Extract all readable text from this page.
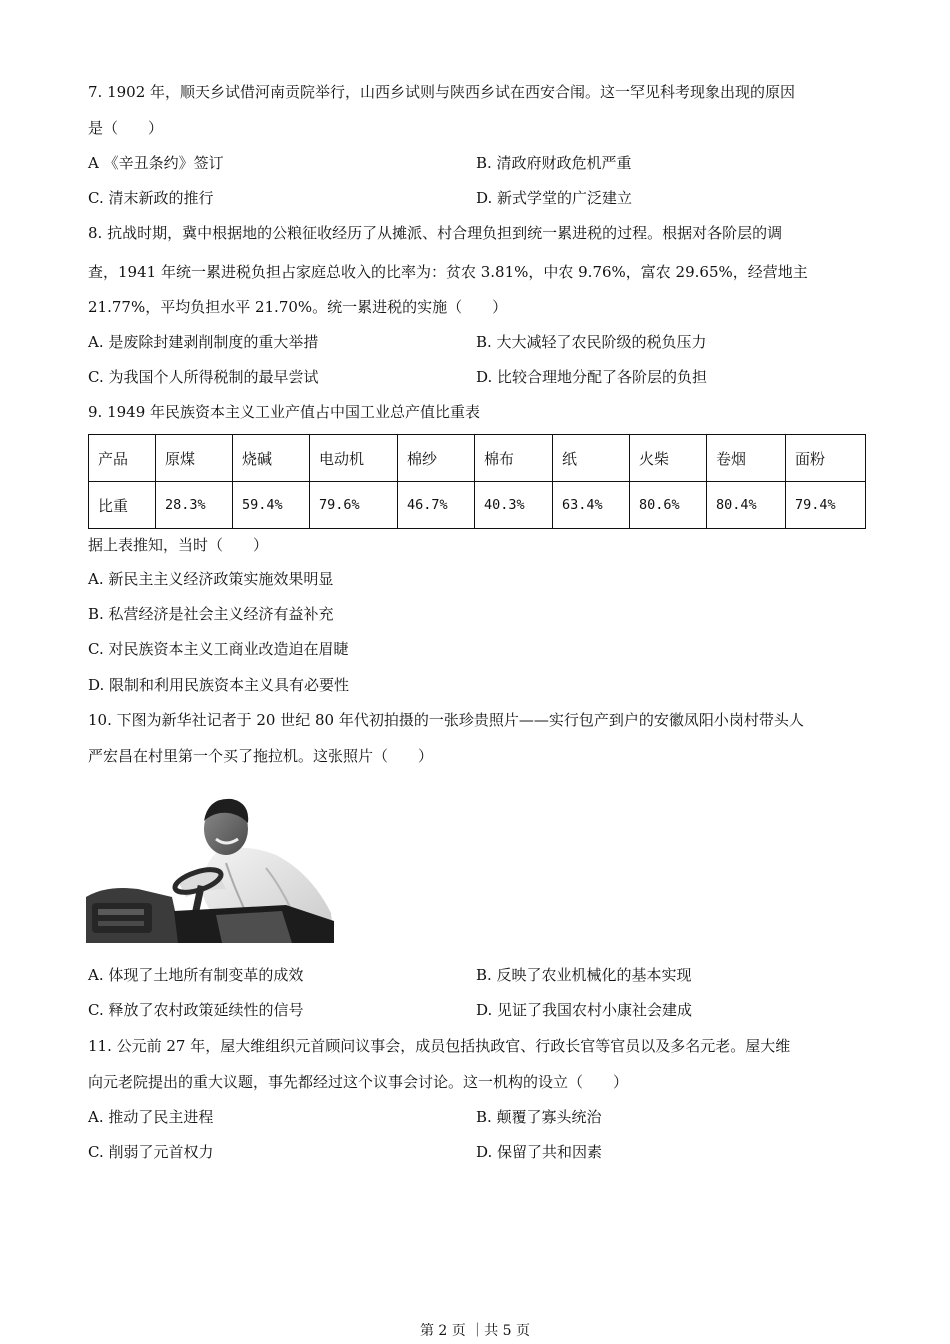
7. 1902 年，顺天乡试借河南贡院举行，山西乡试则与陕西乡试在西安合闱。这一罕见科考现象出现的原因
是（　　）
A 《辛丑条约》签订	B. 清政府财政危机严重
C. 清末新政的推行	D. 新式学堂的广泛建立
8. 抗战时期，冀中根据地的公粮征收经历了从摊派、村合理负担到统一累进税的过程。根据对各阶层的调
查，1941 年统一累进税负担占家庭总收入的比率为：贫农 3.81%，中农 9.76%，富农 29.65%，经营地主
21.77%，平均负担水平 21.70%。统一累进税的实施（　　）
A. 是废除封建剥削制度的重大举措	B. 大大减轻了农民阶级的税负压力
C. 为我国个人所得税制的最早尝试	D. 比较合理地分配了各阶层的负担
9. 1949 年民族资本主义工业产值占中国工业总产值比重表
产品	原煤	烧碱	电动机	棉纱	棉布	纸	火柴	卷烟	面粉
比重	28.3%	59.4%	79.6%	46.7%	40.3%	63.4%	80.6%	80.4%	79.4%
据上表推知，当时（　　）
A. 新民主主义经济政策实施效果明显
B. 私营经济是社会主义经济有益补充
C. 对民族资本主义工商业改造迫在眉睫
D. 限制和利用民族资本主义具有必要性
10. 下图为新华社记者于 20 世纪 80 年代初拍摄的一张珍贵照片——实行包产到户的安徽凤阳小岗村带头人
严宏昌在村里第一个买了拖拉机。这张照片（　　）
A. 体现了土地所有制变革的成效	B. 反映了农业机械化的基本实现
C. 释放了农村政策延续性的信号	D. 见证了我国农村小康社会建成
11. 公元前 27 年，屋大维组织元首顾问议事会，成员包括执政官、行政长官等官员以及多名元老。屋大维
向元老院提出的重大议题，事先都经过这个议事会讨论。这一机构的设立（　　）
A. 推动了民主进程	B. 颠覆了寡头统治
C. 削弱了元首权力	D. 保留了共和因素
第 2 页 ｜共 5 页
